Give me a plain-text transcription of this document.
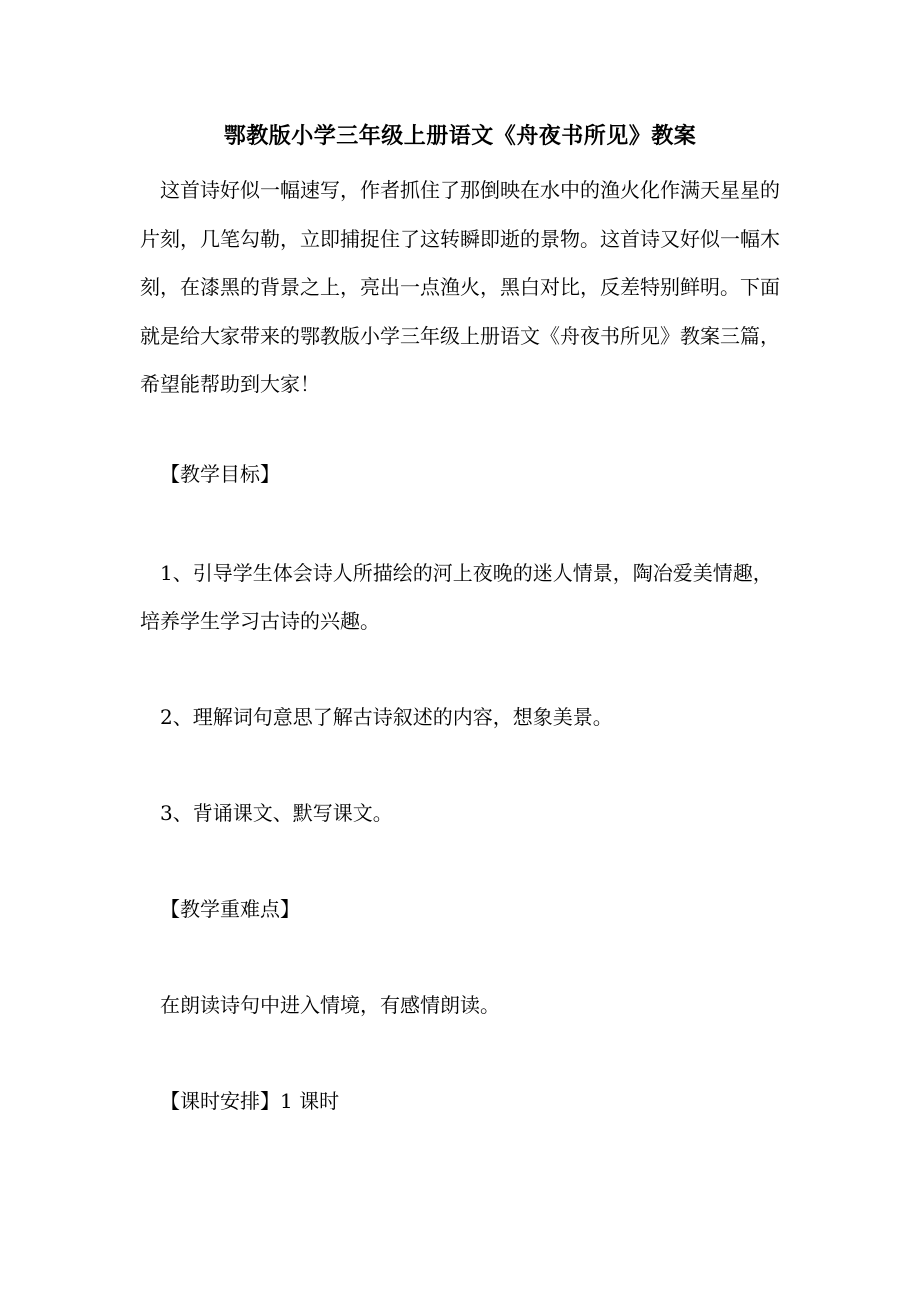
鄂教版小学三年级上册语文《舟夜书所见》教案
这首诗好似一幅速写，作者抓住了那倒映在水中的渔火化作满天星星的片刻，几笔勾勒，立即捕捉住了这转瞬即逝的景物。这首诗又好似一幅木刻，在漆黑的背景之上，亮出一点渔火，黑白对比，反差特别鲜明。下面就是给大家带来的鄂教版小学三年级上册语文《舟夜书所见》教案三篇，希望能帮助到大家！
【教学目标】
1、引导学生体会诗人所描绘的河上夜晚的迷人情景，陶冶爱美情趣，培养学生学习古诗的兴趣。
2、理解词句意思了解古诗叙述的内容，想象美景。
3、背诵课文、默写课文。
【教学重难点】
在朗读诗句中进入情境，有感情朗读。
【课时安排】1 课时
